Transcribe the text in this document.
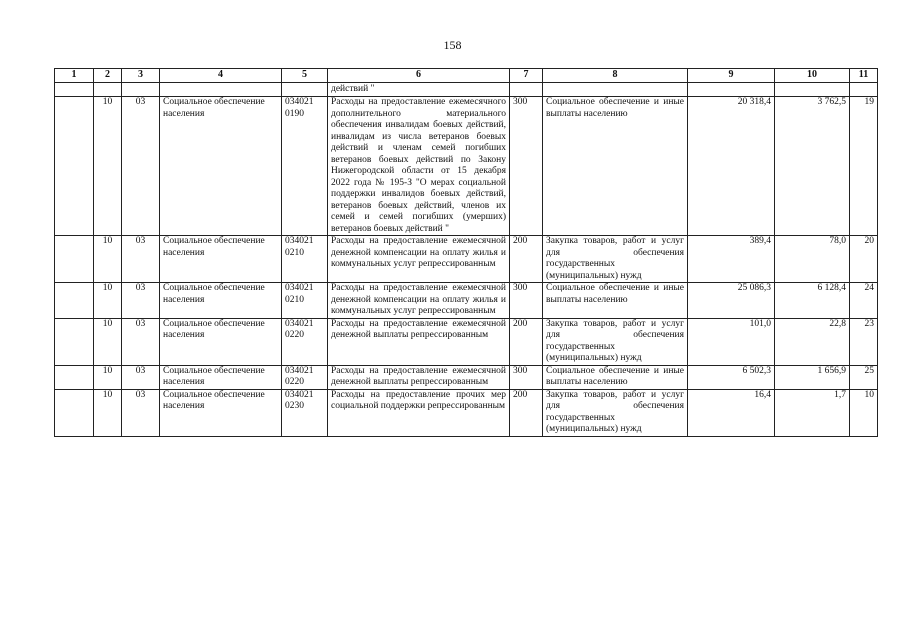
158
1	2	3	4	5	6	7	8	9	10	11
					действий "					
	10	03	Социальное обеспечение населения	034021 0190	Расходы на предоставление ежемесячного дополнительного материального обеспечения инвалидам боевых действий, инвалидам из числа ветеранов боевых действий и членам семей погибших ветеранов боевых действий по Закону Нижегородской области от 15 декабря 2022 года № 195-З "О мерах социальной поддержки инвалидов боевых действий, ветеранов боевых действий, членов их семей и семей погибших (умерших) ветеранов боевых действий "	300	Социальное обеспечение и иные выплаты населению	20 318,4	3 762,5	19
	10	03	Социальное обеспечение населения	034021 0210	Расходы на предоставление ежемесячной денежной компенсации на оплату жилья и коммунальных услуг репрессированным	200	Закупка товаров, работ и услуг для обеспечения государственных (муниципальных) нужд	389,4	78,0	20
	10	03	Социальное обеспечение населения	034021 0210	Расходы на предоставление ежемесячной денежной компенсации на оплату жилья и коммунальных услуг репрессированным	300	Социальное обеспечение и иные выплаты населению	25 086,3	6 128,4	24
	10	03	Социальное обеспечение населения	034021 0220	Расходы на предоставление ежемесячной денежной выплаты репрессированным	200	Закупка товаров, работ и услуг для обеспечения государственных (муниципальных) нужд	101,0	22,8	23
	10	03	Социальное обеспечение населения	034021 0220	Расходы на предоставление ежемесячной денежной выплаты репрессированным	300	Социальное обеспечение и иные выплаты населению	6 502,3	1 656,9	25
	10	03	Социальное обеспечение населения	034021 0230	Расходы на предоставление прочих мер социальной поддержки репрессированным	200	Закупка товаров, работ и услуг для обеспечения государственных (муниципальных) нужд	16,4	1,7	10
